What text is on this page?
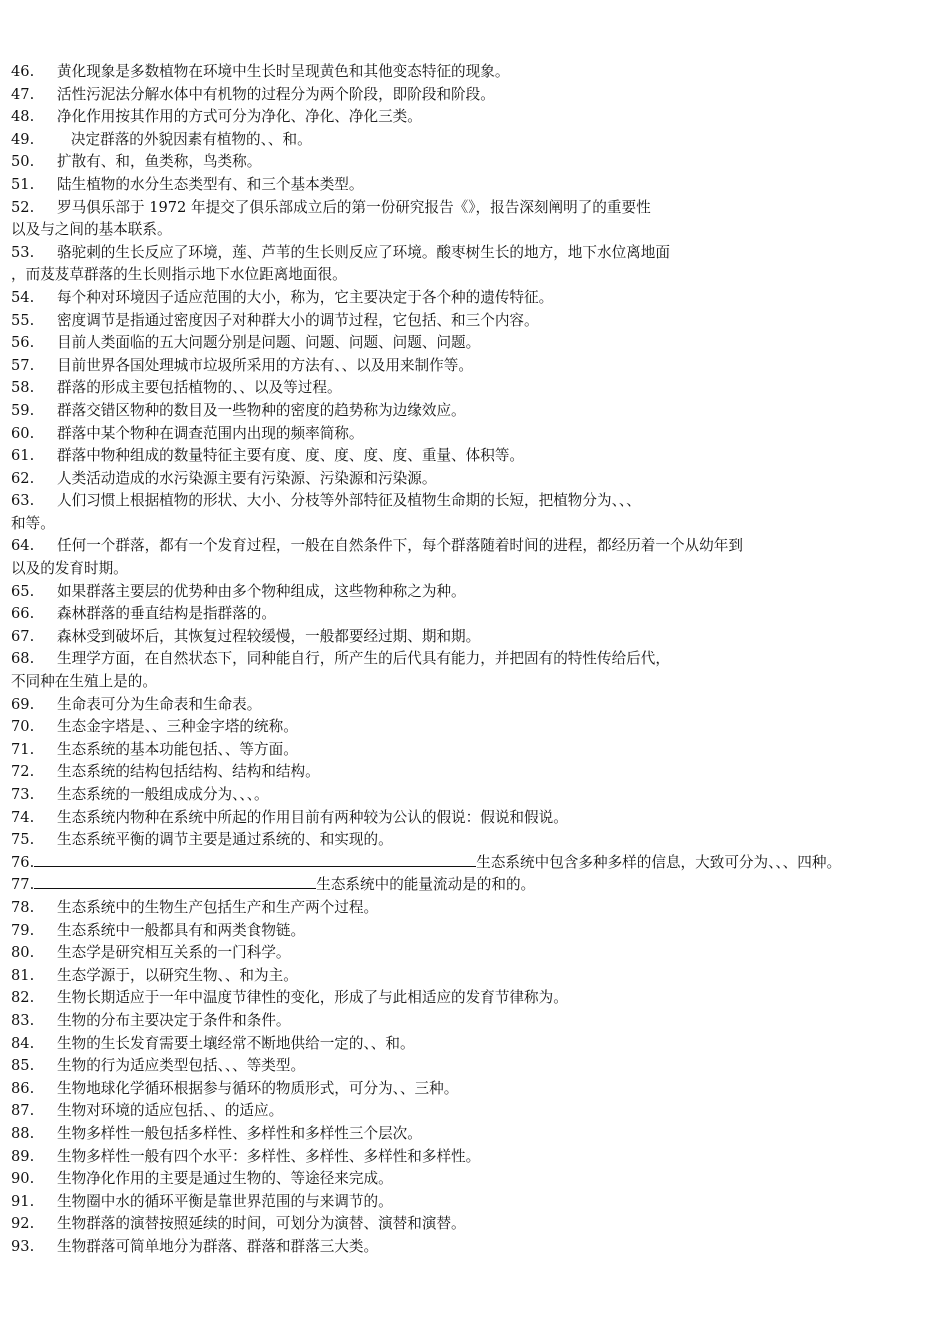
46. 黄化现象是多数植物在环境中生长时呈现黄色和其他变态特征的现象。
47. 活性污泥法分解水体中有机物的过程分为两个阶段，即阶段和阶段。
48. 净化作用按其作用的方式可分为净化、净化、净化三类。
49.   决定群落的外貌因素有植物的、、和。
50. 扩散有、和，鱼类称，鸟类称。
51. 陆生植物的水分生态类型有、和三个基本类型。
52. 罗马俱乐部于 1972 年提交了俱乐部成立后的第一份研究报告《》，报告深刻阐明了的重要性
以及与之间的基本联系。
53. 骆驼刺的生长反应了环境，莲、芦苇的生长则反应了环境。酸枣树生长的地方，地下水位离地面
，而芨芨草群落的生长则指示地下水位距离地面很。
54. 每个种对环境因子适应范围的大小，称为，它主要决定于各个种的遗传特征。
55. 密度调节是指通过密度因子对种群大小的调节过程，它包括、和三个内容。
56. 目前人类面临的五大问题分别是问题、问题、问题、问题、问题。
57. 目前世界各国处理城市垃圾所采用的方法有、、以及用来制作等。
58. 群落的形成主要包括植物的、、以及等过程。
59. 群落交错区物种的数目及一些物种的密度的趋势称为边缘效应。
60. 群落中某个物种在调查范围内出现的频率简称。
61. 群落中物种组成的数量特征主要有度、度、度、度、度、重量、体积等。
62. 人类活动造成的水污染源主要有污染源、污染源和污染源。
63. 人们习惯上根据植物的形状、大小、分枝等外部特征及植物生命期的长短，把植物分为、、、
和等。
64. 任何一个群落，都有一个发育过程，一般在自然条件下，每个群落随着时间的进程，都经历着一个从幼年到
以及的发育时期。
65. 如果群落主要层的优势种由多个物种组成，这些物种称之为种。
66. 森林群落的垂直结构是指群落的。
67. 森林受到破坏后，其恢复过程较缓慢，一般都要经过期、期和期。
68. 生理学方面，在自然状态下，同种能自行，所产生的后代具有能力，并把固有的特性传给后代，
不同种在生殖上是的。
69. 生命表可分为生命表和生命表。
70. 生态金字塔是、、三种金字塔的统称。
71. 生态系统的基本功能包括、、等方面。
72. 生态系统的结构包括结构、结构和结构。
73. 生态系统的一般组成成分为、、、。
74. 生态系统内物种在系统中所起的作用目前有两种较为公认的假说：假说和假说。
75. 生态系统平衡的调节主要是通过系统的、和实现的。
76.	生态系统中包含多种多样的信息，大致可分为、、、四种。
77.	生态系统中的能量流动是的和的。
78. 生态系统中的生物生产包括生产和生产两个过程。
79. 生态系统中一般都具有和两类食物链。
80. 生态学是研究相互关系的一门科学。
81. 生态学源于，以研究生物、、和为主。
82. 生物长期适应于一年中温度节律性的变化，形成了与此相适应的发育节律称为。
83. 生物的分布主要决定于条件和条件。
84. 生物的生长发育需要土壤经常不断地供给一定的、、和。
85. 生物的行为适应类型包括、、、等类型。
86. 生物地球化学循环根据参与循环的物质形式，可分为、、三种。
87. 生物对环境的适应包括、、的适应。
88. 生物多样性一般包括多样性、多样性和多样性三个层次。
89. 生物多样性一般有四个水平：多样性、多样性、多样性和多样性。
90. 生物净化作用的主要是通过生物的、等途径来完成。
91. 生物圈中水的循环平衡是靠世界范围的与来调节的。
92. 生物群落的演替按照延续的时间，可划分为演替、演替和演替。
93. 生物群落可简单地分为群落、群落和群落三大类。
